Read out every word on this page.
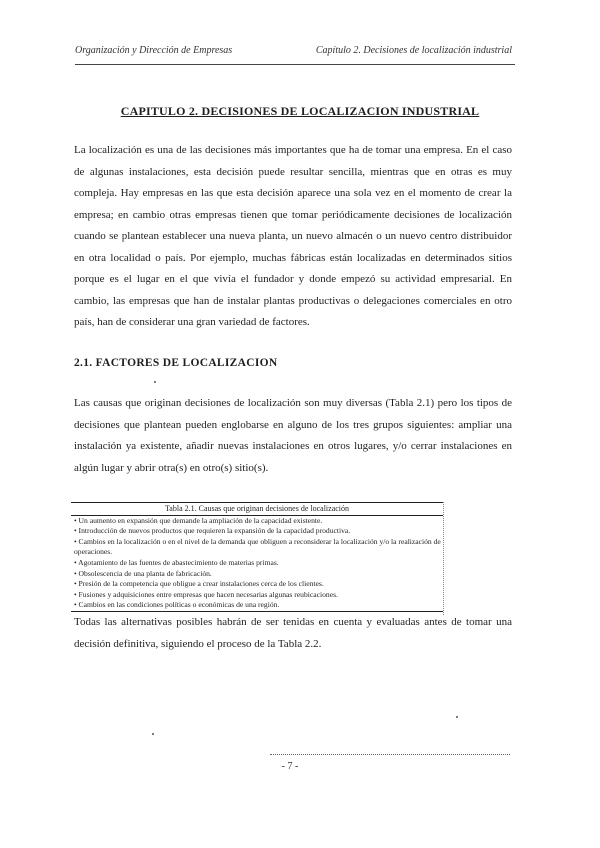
Organización y Dirección de Empresas	Capítulo 2. Decisiones de localización industrial
CAPITULO 2. DECISIONES DE LOCALIZACION INDUSTRIAL

La localización es una de las decisiones más importantes que ha de tomar una empresa. En el caso de algunas instalaciones, esta decisión puede resultar sencilla, mientras que en otras es muy compleja. Hay empresas en las que esta decisión aparece una sola vez en el momento de crear la empresa; en cambio otras empresas tienen que tomar periódicamente decisiones de localización cuando se plantean establecer una nueva planta, un nuevo almacén o un nuevo centro distribuidor en otra localidad o país. Por ejemplo, muchas fábricas están localizadas en determinados sitios porque es el lugar en el que vivía el fundador y donde empezó su actividad empresarial. En cambio, las empresas que han de instalar plantas productivas o delegaciones comerciales en otro país, han de considerar una gran variedad de factores.

2.1. FACTORES DE LOCALIZACION

Las causas que originan decisiones de localización son muy diversas (Tabla 2.1) pero los tipos de decisiones que plantean pueden englobarse en alguno de los tres grupos siguientes: ampliar una instalación ya existente, añadir nuevas instalaciones en otros lugares, y/o cerrar instalaciones en algún lugar y abrir otra(s) en otro(s) sitio(s).

Tabla 2.1. Causas que originan decisiones de localización
• Un aumento en expansión que demande la ampliación de la capacidad existente.
• Introducción de nuevos productos que requieren la expansión de la capacidad productiva.
• Cambios en la localización o en el nivel de la demanda que obliguen a reconsiderar la localización y/o la realización de operaciones.
• Agotamiento de las fuentes de abastecimiento de materias primas.
• Obsolescencia de una planta de fabricación.
• Presión de la competencia que obligue a crear instalaciones cerca de los clientes.
• Fusiones y adquisiciones entre empresas que hacen necesarias algunas reubicaciones.
• Cambios en las condiciones políticas o económicas de una región.

Todas las alternativas posibles habrán de ser tenidas en cuenta y evaluadas antes de tomar una decisión definitiva, siguiendo el proceso de la Tabla 2.2.

- 7 -
